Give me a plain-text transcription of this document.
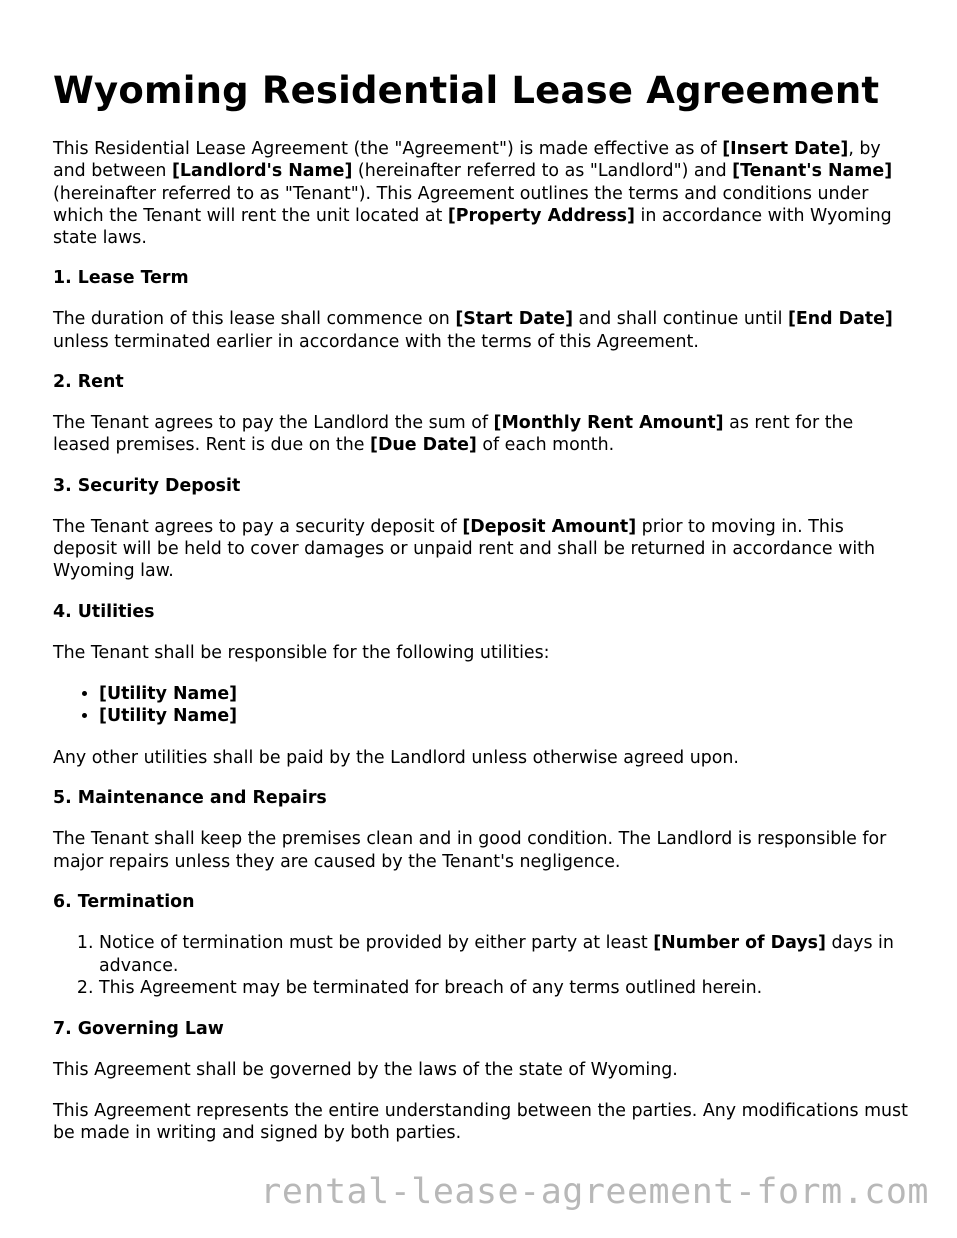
Wyoming Residential Lease Agreement

This Residential Lease Agreement (the "Agreement") is made effective as of [Insert Date], by and between [Landlord's Name] (hereinafter referred to as "Landlord") and [Tenant's Name] (hereinafter referred to as "Tenant"). This Agreement outlines the terms and conditions under which the Tenant will rent the unit located at [Property Address] in accordance with Wyoming state laws.

1. Lease Term

The duration of this lease shall commence on [Start Date] and shall continue until [End Date] unless terminated earlier in accordance with the terms of this Agreement.

2. Rent

The Tenant agrees to pay the Landlord the sum of [Monthly Rent Amount] as rent for the leased premises. Rent is due on the [Due Date] of each month.

3. Security Deposit

The Tenant agrees to pay a security deposit of [Deposit Amount] prior to moving in. This deposit will be held to cover damages or unpaid rent and shall be returned in accordance with Wyoming law.

4. Utilities

The Tenant shall be responsible for the following utilities:

• [Utility Name]
• [Utility Name]

Any other utilities shall be paid by the Landlord unless otherwise agreed upon.

5. Maintenance and Repairs

The Tenant shall keep the premises clean and in good condition. The Landlord is responsible for major repairs unless they are caused by the Tenant's negligence.

6. Termination
1. Notice of termination must be provided by either party at least [Number of Days] days in advance.
2. This Agreement may be terminated for breach of any terms outlined herein.
7. Governing Law

This Agreement shall be governed by the laws of the state of Wyoming.

This Agreement represents the entire understanding between the parties. Any modifications must be made in writing and signed by both parties.

rental-lease-agreement-form.com
